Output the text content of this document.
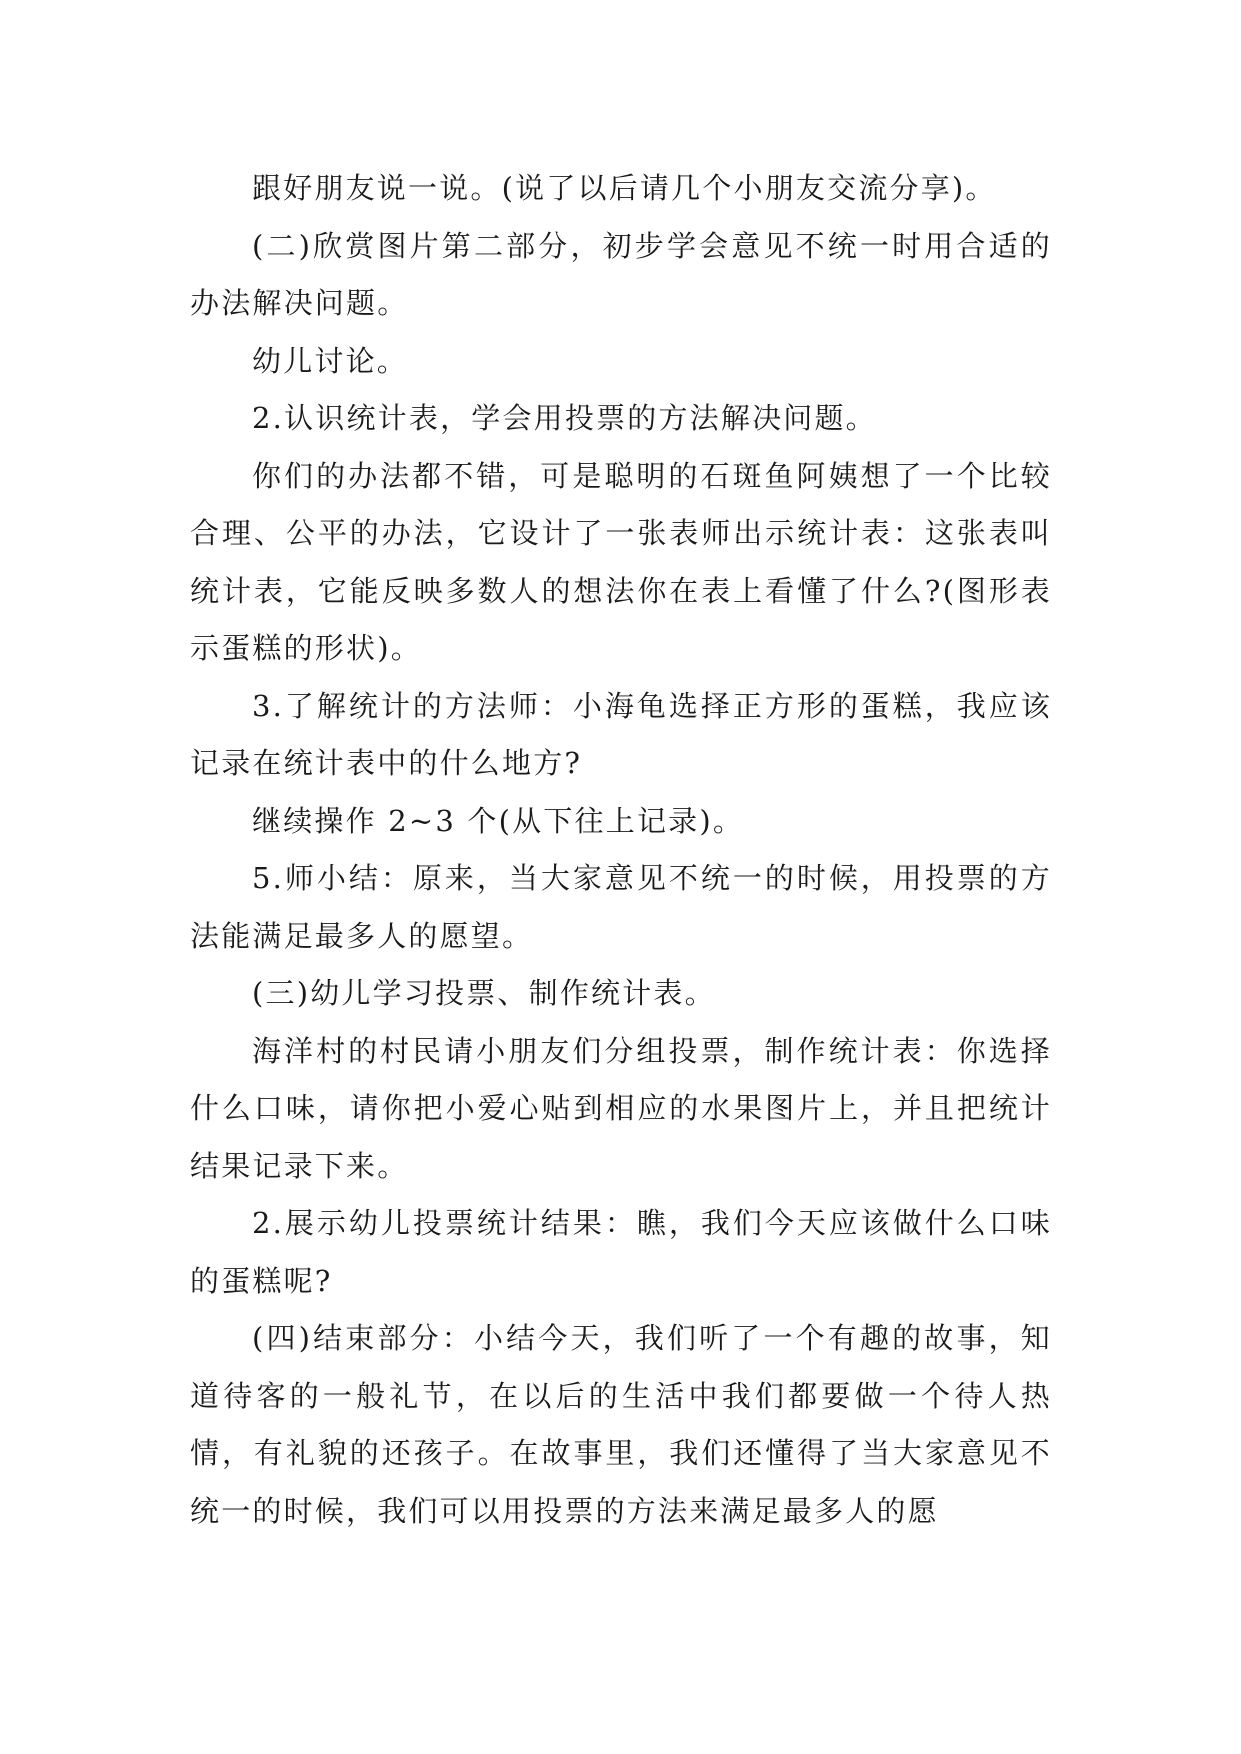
跟好朋友说一说。(说了以后请几个小朋友交流分享)。

(二)欣赏图片第二部分，初步学会意见不统一时用合适的办法解决问题。

幼儿讨论。

2.认识统计表，学会用投票的方法解决问题。

你们的办法都不错，可是聪明的石斑鱼阿姨想了一个比较合理、公平的办法，它设计了一张表师出示统计表：这张表叫统计表，它能反映多数人的想法你在表上看懂了什么?(图形表示蛋糕的形状)。

3.了解统计的方法师：小海龟选择正方形的蛋糕，我应该记录在统计表中的什么地方?

继续操作 2~3 个(从下往上记录)。

5.师小结：原来，当大家意见不统一的时候，用投票的方法能满足最多人的愿望。

(三)幼儿学习投票、制作统计表。

海洋村的村民请小朋友们分组投票，制作统计表：你选择什么口味，请你把小爱心贴到相应的水果图片上，并且把统计结果记录下来。

2.展示幼儿投票统计结果：瞧，我们今天应该做什么口味的蛋糕呢?

(四)结束部分：小结今天，我们听了一个有趣的故事，知道待客的一般礼节，在以后的生活中我们都要做一个待人热情，有礼貌的还孩子。在故事里，我们还懂得了当大家意见不统一的时候，我们可以用投票的方法来满足最多人的愿
